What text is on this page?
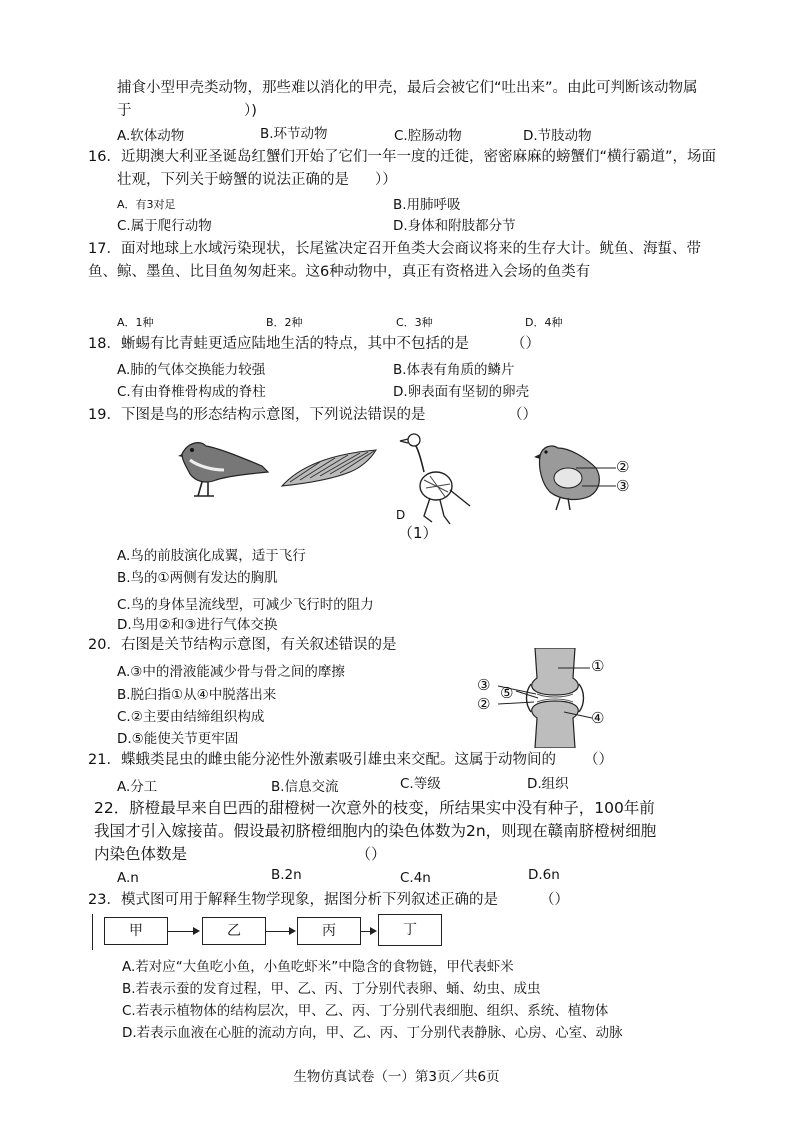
捕食小型甲壳类动物，那些难以消化的甲壳，最后会被它们“吐出来”。由此可判断该动物属
于	）)
A.软体动物	B.环节动物	C.腔肠动物	D.节肢动物
16．近期澳大利亚圣诞岛红蟹们开始了它们一年一度的迁徙，密密麻麻的螃蟹们“横行霸道”，场面
壮观，下列关于螃蟹的说法正确的是 ））
A．有3对足	B.用肺呼吸
C.属于爬行动物	D.身体和附肢都分节
17．面对地球上水域污染现状，长尾鲨决定召开鱼类大会商议将来的生存大计。鱿鱼、海蜇、带
鱼、鲸、墨鱼、比目鱼匆匆赶来。这6种动物中，真正有资格进入会场的鱼类有
A．1种	B．2种	C．3种	D．4种
18．蜥蜴有比青蛙更适应陆地生活的特点，其中不包括的是	（）
A.肺的气体交换能力较强	B.体表有角质的鳞片
C.有由脊椎骨构成的脊柱	D.卵表面有坚韧的卵壳
19．下图是鸟的形态结构示意图，下列说法错误的是	（）
D
（1）
②
③
A.鸟的前肢演化成翼，适于飞行
B.鸟的①两侧有发达的胸肌
C.鸟的身体呈流线型，可减少飞行时的阻力
D.鸟用②和③进行气体交换
20．右图是关节结构示意图，有关叙述错误的是
A.③中的滑液能减少骨与骨之间的摩擦
B.脱臼指①从④中脱落出来
C.②主要由结缔组织构成
D.⑤能使关节更牢固
①
③ ⑤
②
④
21．蝶蛾类昆虫的雌虫能分泌性外激素吸引雄虫来交配。这属于动物间的 （）
A.分工	B.信息交流	C.等级	D.组织
22．脐橙最早来自巴西的甜橙树一次意外的枝变，所结果实中没有种子，100年前
我国才引入嫁接苗。假设最初脐橙细胞内的染色体数为2n，则现在赣南脐橙树细胞
内染色体数是	（）
A.n	B.2n	C.4n	D.6n
23．模式图可用于解释生物学现象，据图分析下列叙述正确的是	（）
甲	乙	丙	丁
A.若对应“大鱼吃小鱼，小鱼吃虾米”中隐含的食物链，甲代表虾米
B.若表示蚕的发育过程，甲、乙、丙、丁分别代表卵、蛹、幼虫、成虫
C.若表示植物体的结构层次，甲、乙、丙、丁分别代表细胞、组织、系统、植物体
D.若表示血液在心脏的流动方向，甲、乙、丙、丁分别代表静脉、心房、心室、动脉
生物仿真试卷（一）第3页／共6页
